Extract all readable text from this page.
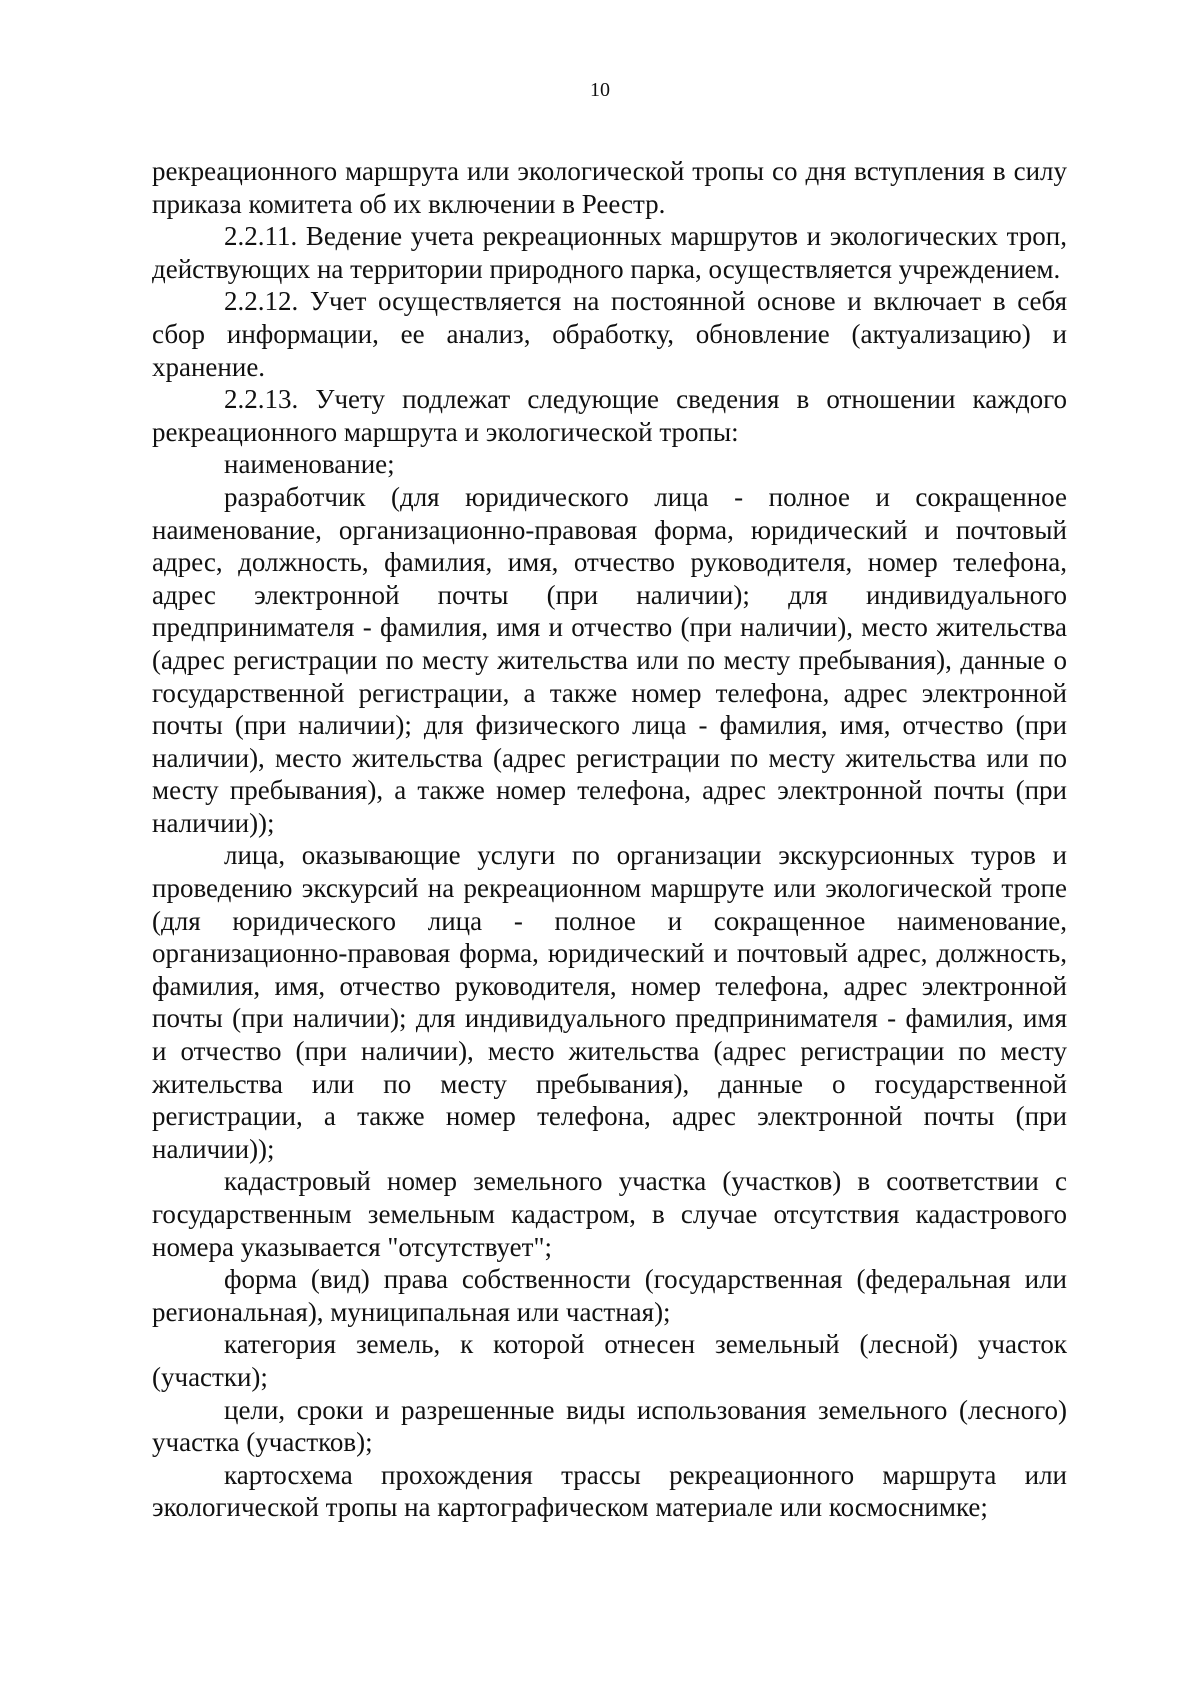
10

рекреационного маршрута или экологической тропы со дня вступления в силу приказа комитета об их включении в Реестр.

2.2.11. Ведение учета рекреационных маршрутов и экологических троп, действующих на территории природного парка, осуществляется учреждением.

2.2.12. Учет осуществляется на постоянной основе и включает в себя сбор информации, ее анализ, обработку, обновление (актуализацию) и хранение.

2.2.13. Учету подлежат следующие сведения в отношении каждого рекреационного маршрута и экологической тропы:

наименование;

разработчик (для юридического лица - полное и сокращенное наименование, организационно-правовая форма, юридический и почтовый адрес, должность, фамилия, имя, отчество руководителя, номер телефона, адрес электронной почты (при наличии); для индивидуального предпринимателя - фамилия, имя и отчество (при наличии), место жительства (адрес регистрации по месту жительства или по месту пребывания), данные о государственной регистрации, а также номер телефона, адрес электронной почты (при наличии); для физического лица - фамилия, имя, отчество (при наличии), место жительства (адрес регистрации по месту жительства или по месту пребывания), а также номер телефона, адрес электронной почты (при наличии));

лица, оказывающие услуги по организации экскурсионных туров и проведению экскурсий на рекреационном маршруте или экологической тропе (для юридического лица - полное и сокращенное наименование, организационно-правовая форма, юридический и почтовый адрес, должность, фамилия, имя, отчество руководителя, номер телефона, адрес электронной почты (при наличии); для индивидуального предпринимателя - фамилия, имя и отчество (при наличии), место жительства (адрес регистрации по месту жительства или по месту пребывания), данные о государственной регистрации, а также номер телефона, адрес электронной почты (при наличии));

кадастровый номер земельного участка (участков) в соответствии с государственным земельным кадастром, в случае отсутствия кадастрового номера указывается "отсутствует";

форма (вид) права собственности (государственная (федеральная или региональная), муниципальная или частная);

категория земель, к которой отнесен земельный (лесной) участок (участки);

цели, сроки и разрешенные виды использования земельного (лесного) участка (участков);

картосхема прохождения трассы рекреационного маршрута или экологической тропы на картографическом материале или космоснимке;
